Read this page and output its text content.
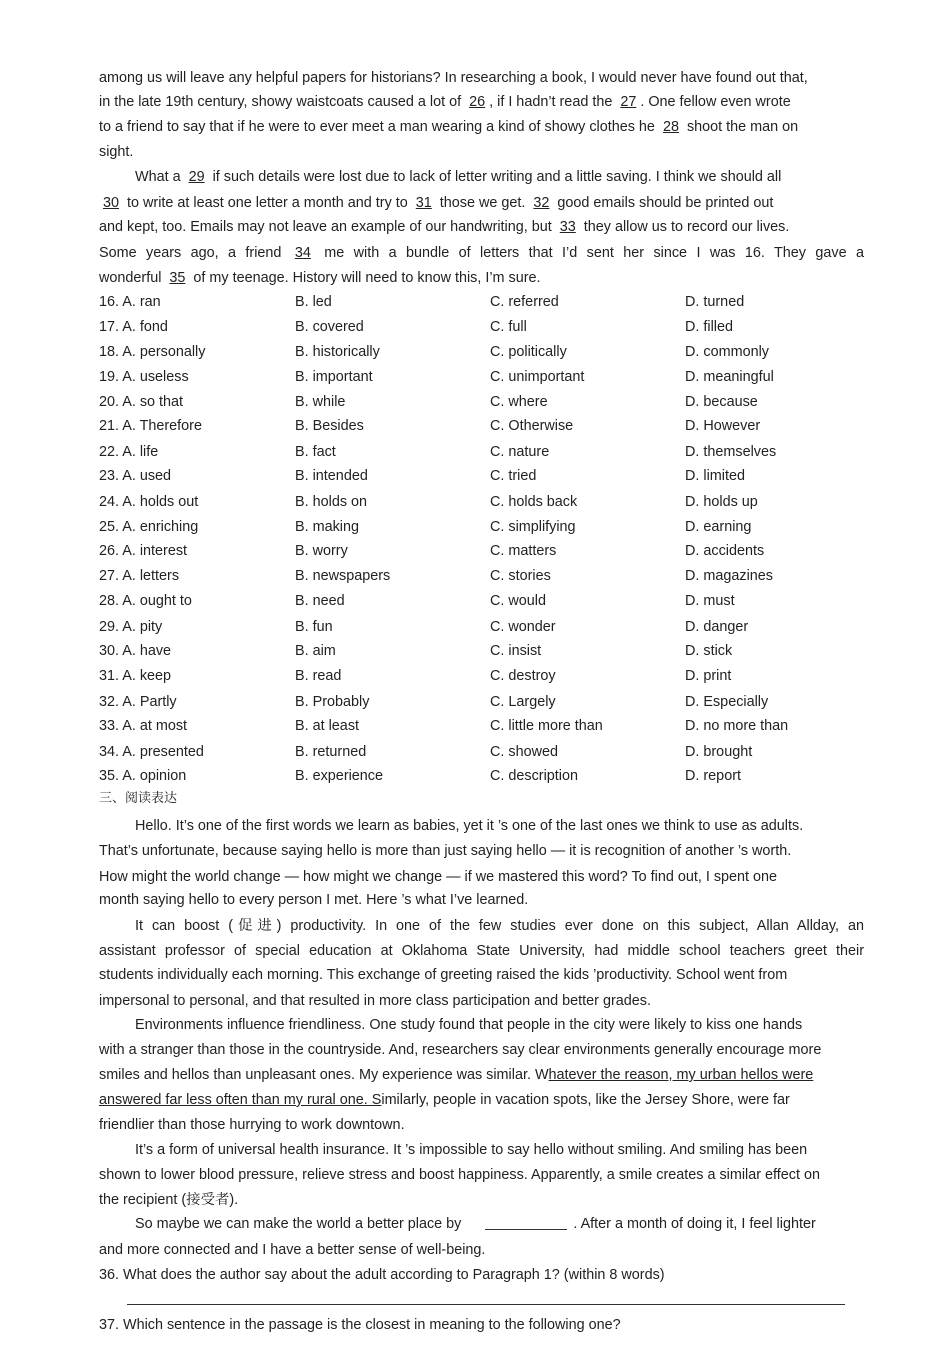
among us will leave any helpful papers for historians? In researching a book, I would never have found out that,
in the late 19th century, showy waistcoats caused a lot of 26 , if I hadn’t read the 27 . One fellow even wrote
to a friend to say that if he were to ever meet a man wearing a kind of showy clothes he 28 shoot the man on
sight.
What a 29 if such details were lost due to lack of letter writing and a little saving. I think we should all
30 to write at least one letter a month and try to 31 those we get. 32 good emails should be printed out
and kept, too. Emails may not leave an example of our handwriting, but 33 they allow us to record our lives.
Some years ago, a friend 34 me with a bundle of letters that I’d sent her since I was 16. They gave a
wonderful 35 of my teenage. History will need to know this, I’m sure.
16. A. ran	B. led	C. referred	D. turned
17. A. fond	B. covered	C. full	D. filled
18. A. personally	B. historically	C. politically	D. commonly
19. A. useless	B. important	C. unimportant	D. meaningful
20. A. so that	B. while	C. where	D. because
21. A. Therefore	B. Besides	C. Otherwise	D. However
22. A. life	B. fact	C. nature	D. themselves
23. A. used	B. intended	C. tried	D. limited
24. A. holds out	B. holds on	C. holds back	D. holds up
25. A. enriching	B. making	C. simplifying	D. earning
26. A. interest	B. worry	C. matters	D. accidents
27. A. letters	B. newspapers	C. stories	D. magazines
28. A. ought to	B. need	C. would	D. must
29. A. pity	B. fun	C. wonder	D. danger
30. A. have	B. aim	C. insist	D. stick
31. A. keep	B. read	C. destroy	D. print
32. A. Partly	B. Probably	C. Largely	D. Especially
33. A. at most	B. at least	C. little more than	D. no more than
34. A. presented	B. returned	C. showed	D. brought
35. A. opinion	B. experience	C. description	D. report
三、阅读表达
Hello. It’s one of the first words we learn as babies, yet it ’s one of the last ones we think to use as adults.
That’s unfortunate, because saying hello is more than just saying hello — it is recognition of another ’s worth.
How might the world change — how might we change — if we mastered this word? To find out, I spent one
month saying hello to every person I met. Here ’s what I’ve learned.
It can boost (促进) productivity. In one of the few studies ever done on this subject, Allan Allday, an
assistant professor of special education at Oklahoma State University, had middle school teachers greet their
students individually each morning. This exchange of greeting raised the kids ’productivity. School went from
impersonal to personal, and that resulted in more class participation and better grades.
Environments influence friendliness. One study found that people in the city were likely to kiss one hands
with a stranger than those in the countryside. And, researchers say clear environments generally encourage more
smiles and hellos than unpleasant ones. My experience was similar. Whatever the reason, my urban hellos were
answered far less often than my rural one. Similarly, people in vacation spots, like the Jersey Shore, were far
friendlier than those hurrying to work downtown.
It’s a form of universal health insurance. It ’s impossible to say hello without smiling. And smiling has been
shown to lower blood pressure, relieve stress and boost happiness. Apparently, a smile creates a similar effect on
the recipient (接受者).
So maybe we can make the world a better place by	. After a month of doing it, I feel lighter
and more connected and I have a better sense of well-being.
36. What does the author say about the adult according to Paragraph 1? (within 8 words)
37. Which sentence in the passage is the closest in meaning to the following one?
